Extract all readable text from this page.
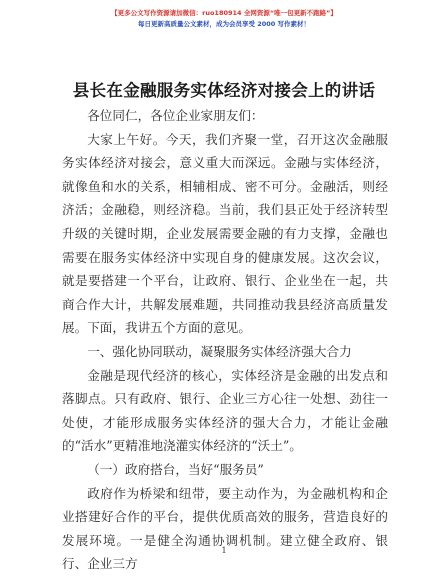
【更多公文写作资源请加微信：ruo180914 全网资源“唯一包更新不跑路”】
每日更新高质量公文素材，成为会员享受 2000 写作素材！
县长在金融服务实体经济对接会上的讲话

各位同仁，各位企业家朋友们：

大家上午好。今天，我们齐聚一堂，召开这次金融服务实体经济对接会，意义重大而深远。金融与实体经济，就像鱼和水的关系，相辅相成、密不可分。金融活，则经济活；金融稳，则经济稳。当前，我们县正处于经济转型升级的关键时期，企业发展需要金融的有力支撑，金融也需要在服务实体经济中实现自身的健康发展。这次会议，就是要搭建一个平台，让政府、银行、企业坐在一起，共商合作大计，共解发展难题，共同推动我县经济高质量发展。下面，我讲五个方面的意见。

一、强化协同联动，凝聚服务实体经济强大合力

金融是现代经济的核心，实体经济是金融的出发点和落脚点。只有政府、银行、企业三方心往一处想、劲往一处使，才能形成服务实体经济的强大合力，才能让金融的“活水”更精准地浇灌实体经济的“沃土”。

（一）政府搭台，当好“服务员”

政府作为桥梁和纽带，要主动作为，为金融机构和企业搭建好合作的平台，提供优质高效的服务，营造良好的发展环境。一是健全沟通协调机制。建立健全政府、银行、企业三方

1
